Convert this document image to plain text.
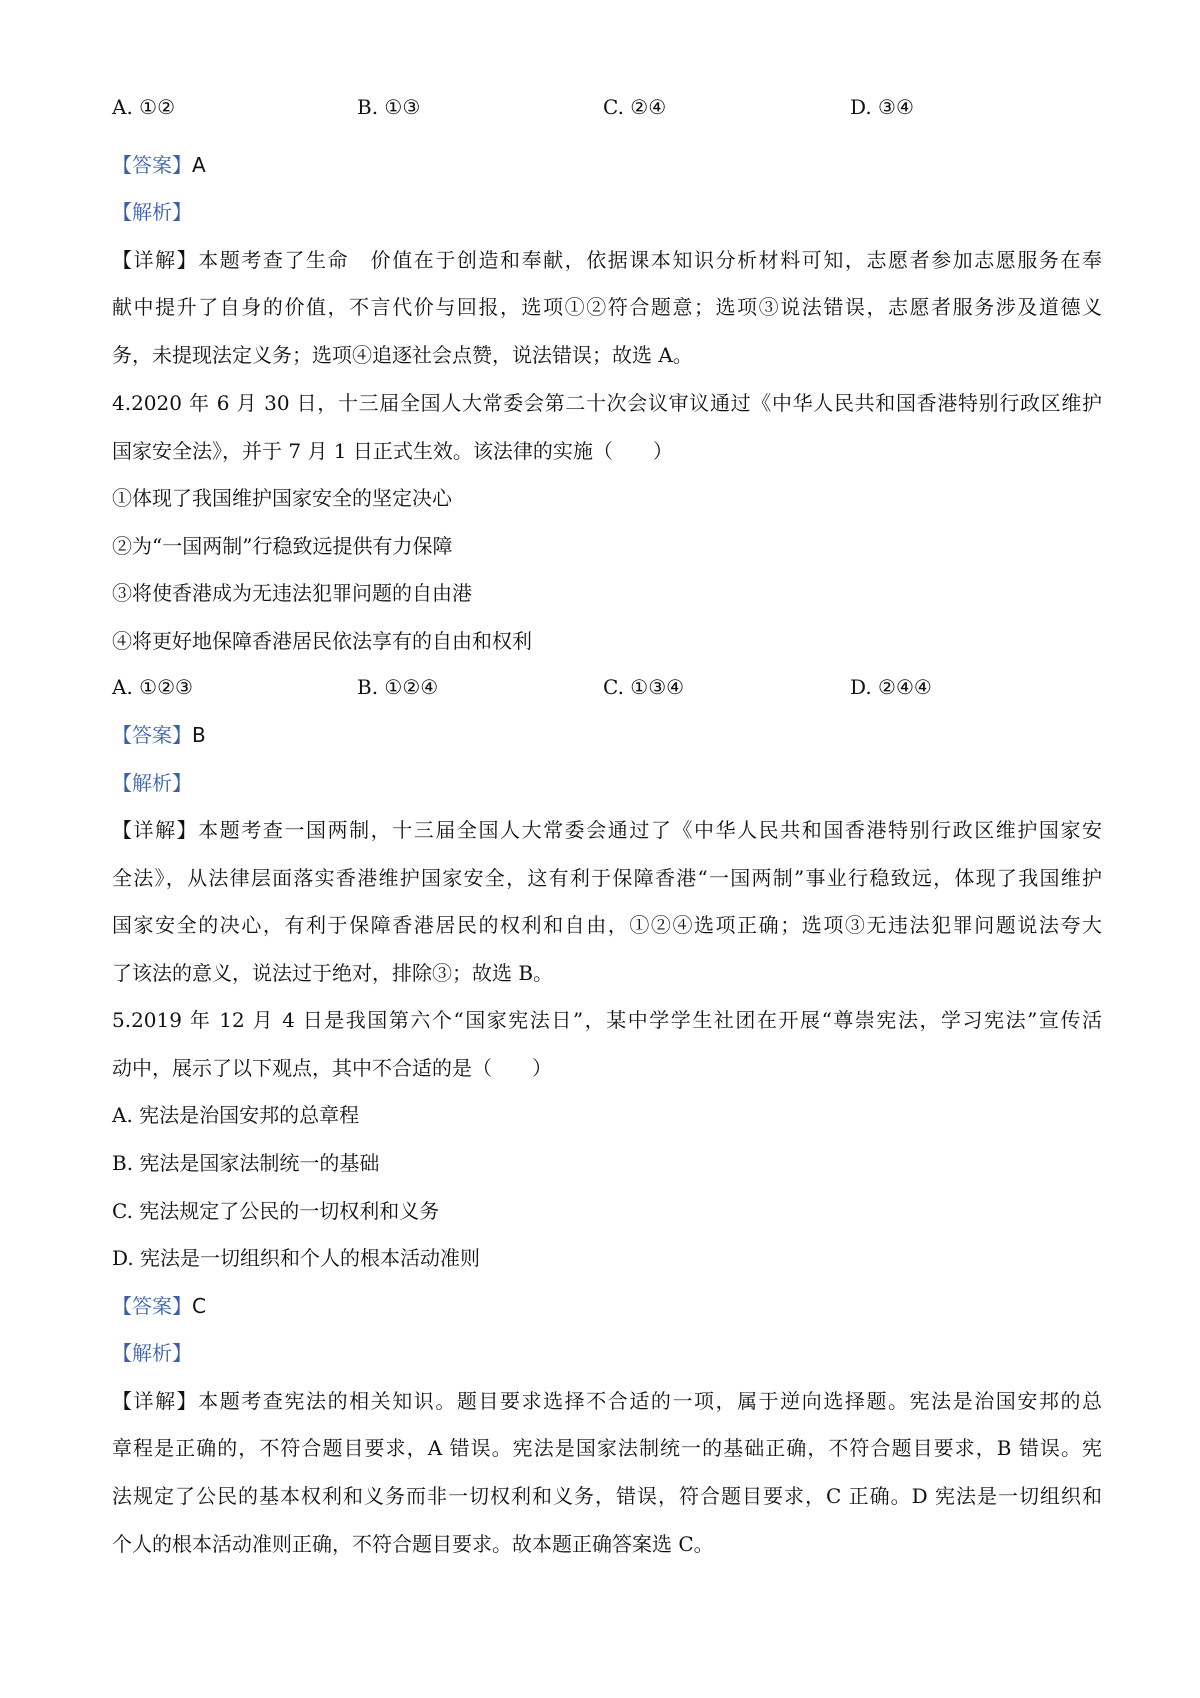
A. ①②	B. ①③	C. ②④	D. ③④
【答案】A
【解析】
【详解】本题考查了生命　价值在于创造和奉献，依据课本知识分析材料可知，志愿者参加志愿服务在奉
献中提升了自身的价值，不言代价与回报，选项①②符合题意；选项③说法错误，志愿者服务涉及道德义
务，未提现法定义务；选项④追逐社会点赞，说法错误；故选 A。
4.2020 年 6 月 30 日，十三届全国人大常委会第二十次会议审议通过《中华人民共和国香港特别行政区维护
国家安全法》，并于 7 月 1 日正式生效。该法律的实施（　　）
①体现了我国维护国家安全的坚定决心
②为“一国两制”行稳致远提供有力保障
③将使香港成为无违法犯罪问题的自由港
④将更好地保障香港居民依法享有的自由和权利
A. ①②③	B. ①②④	C. ①③④	D. ②④④
【答案】B
【解析】
【详解】本题考查一国两制，十三届全国人大常委会通过了《中华人民共和国香港特别行政区维护国家安
全法》，从法律层面落实香港维护国家安全，这有利于保障香港“一国两制”事业行稳致远，体现了我国维护
国家安全的决心，有利于保障香港居民的权利和自由，①②④选项正确；选项③无违法犯罪问题说法夸大
了该法的意义，说法过于绝对，排除③；故选 B。
5.2019 年 12 月 4 日是我国第六个“国家宪法日”，某中学学生社团在开展“尊崇宪法，学习宪法”宣传活
动中，展示了以下观点，其中不合适的是（　　）
A. 宪法是治国安邦的总章程
B. 宪法是国家法制统一的基础
C. 宪法规定了公民的一切权利和义务
D. 宪法是一切组织和个人的根本活动准则
【答案】C
【解析】
【详解】本题考查宪法的相关知识。题目要求选择不合适的一项，属于逆向选择题。宪法是治国安邦的总
章程是正确的，不符合题目要求，A 错误。宪法是国家法制统一的基础正确，不符合题目要求，B 错误。宪
法规定了公民的基本权利和义务而非一切权利和义务，错误，符合题目要求，C 正确。D 宪法是一切组织和
个人的根本活动准则正确，不符合题目要求。故本题正确答案选 C。
